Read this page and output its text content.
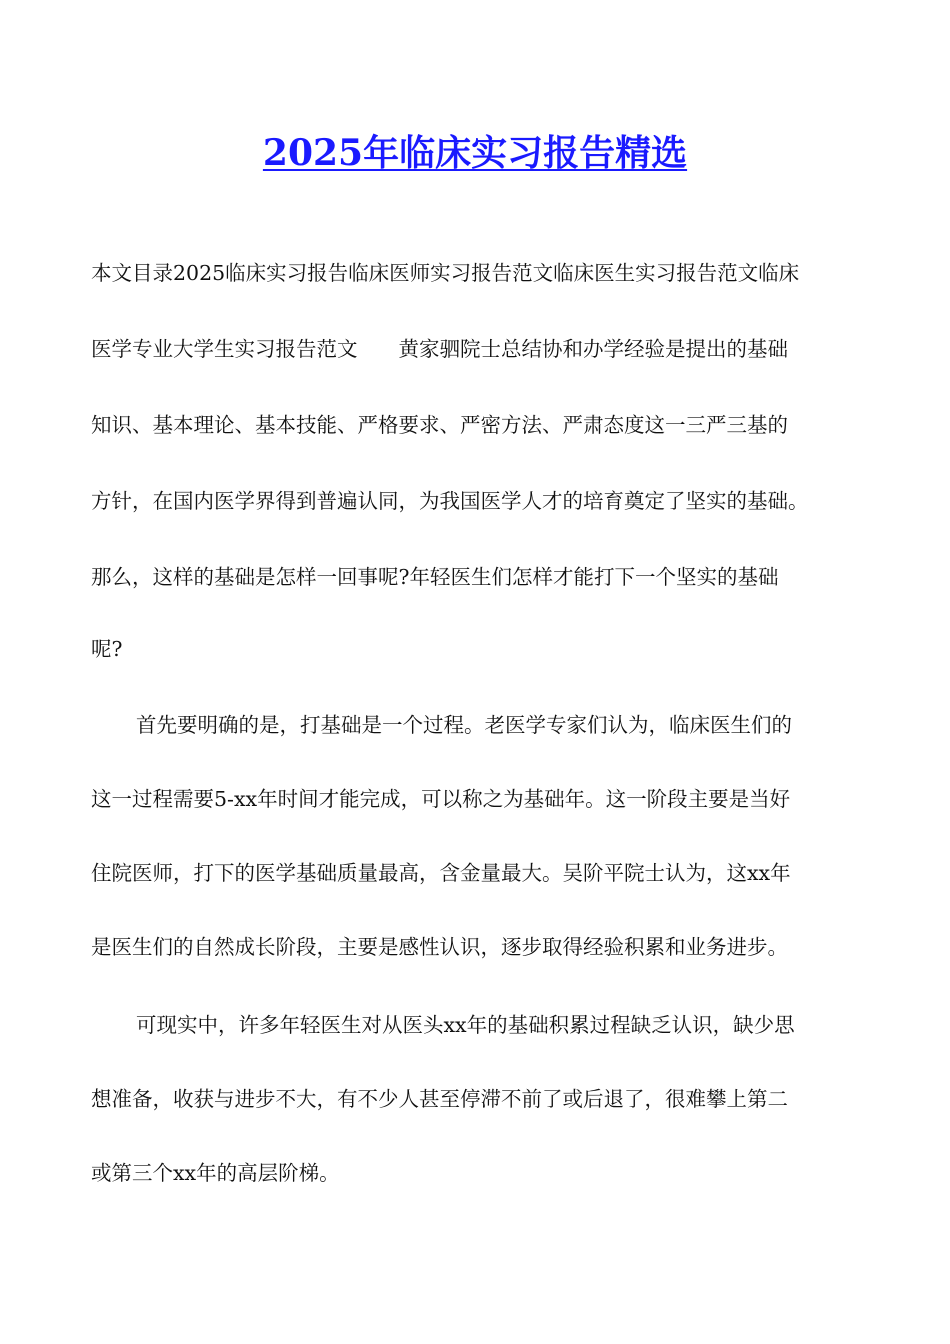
2025年临床实习报告精选

本文目录2025临床实习报告临床医师实习报告范文临床医生实习报告范文临床

医学专业大学生实习报告范文　　黄家驷院士总结协和办学经验是提出的基础

知识、基本理论、基本技能、严格要求、严密方法、严肃态度这一三严三基的

方针，在国内医学界得到普遍认同，为我国医学人才的培育奠定了坚实的基础。

那么，这样的基础是怎样一回事呢?年轻医生们怎样才能打下一个坚实的基础

呢?

首先要明确的是，打基础是一个过程。老医学专家们认为，临床医生们的

这一过程需要5-xx年时间才能完成，可以称之为基础年。这一阶段主要是当好

住院医师，打下的医学基础质量最高，含金量最大。吴阶平院士认为，这xx年

是医生们的自然成长阶段，主要是感性认识，逐步取得经验积累和业务进步。

可现实中，许多年轻医生对从医头xx年的基础积累过程缺乏认识，缺少思

想准备，收获与进步不大，有不少人甚至停滞不前了或后退了，很难攀上第二

或第三个xx年的高层阶梯。
